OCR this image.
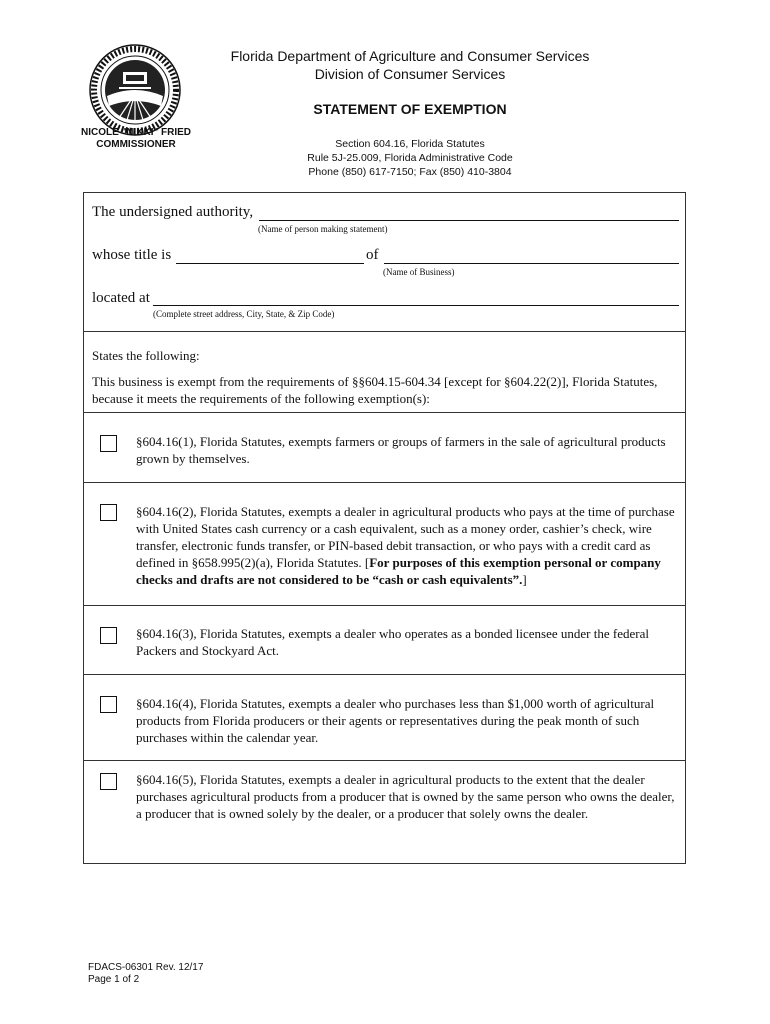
NICOLE "NIKKI" FRIED
COMMISSIONER
Florida Department of Agriculture and Consumer Services
Division of Consumer Services
STATEMENT OF EXEMPTION
Section 604.16, Florida Statutes
Rule 5J-25.009, Florida Administrative Code
Phone (850) 617-7150; Fax (850) 410-3804
The undersigned authority,
(Name of person making statement)
whose title is	of
(Name of Business)
located at
(Complete street address, City, State, & Zip Code)
States the following:
This business is exempt from the requirements of §§604.15-604.34 [except for §604.22(2)], Florida Statutes, because it meets the requirements of the following exemption(s):
§604.16(1), Florida Statutes, exempts farmers or groups of farmers in the sale of agricultural products grown by themselves.
§604.16(2), Florida Statutes, exempts a dealer in agricultural products who pays at the time of purchase with United States cash currency or a cash equivalent, such as a money order, cashier’s check, wire transfer, electronic funds transfer, or PIN-based debit transaction, or who pays with a credit card as defined in §658.995(2)(a), Florida Statutes. [For purposes of this exemption personal or company checks and drafts are not considered to be “cash or cash equivalents”.]
§604.16(3), Florida Statutes, exempts a dealer who operates as a bonded licensee under the federal Packers and Stockyard Act.
§604.16(4), Florida Statutes, exempts a dealer who purchases less than $1,000 worth of agricultural products from Florida producers or their agents or representatives during the peak month of such purchases within the calendar year.
§604.16(5), Florida Statutes, exempts a dealer in agricultural products to the extent that the dealer purchases agricultural products from a producer that is owned by the same person who owns the dealer, a producer that is owned solely by the dealer, or a producer that solely owns the dealer.
FDACS-06301 Rev. 12/17
Page 1 of 2
